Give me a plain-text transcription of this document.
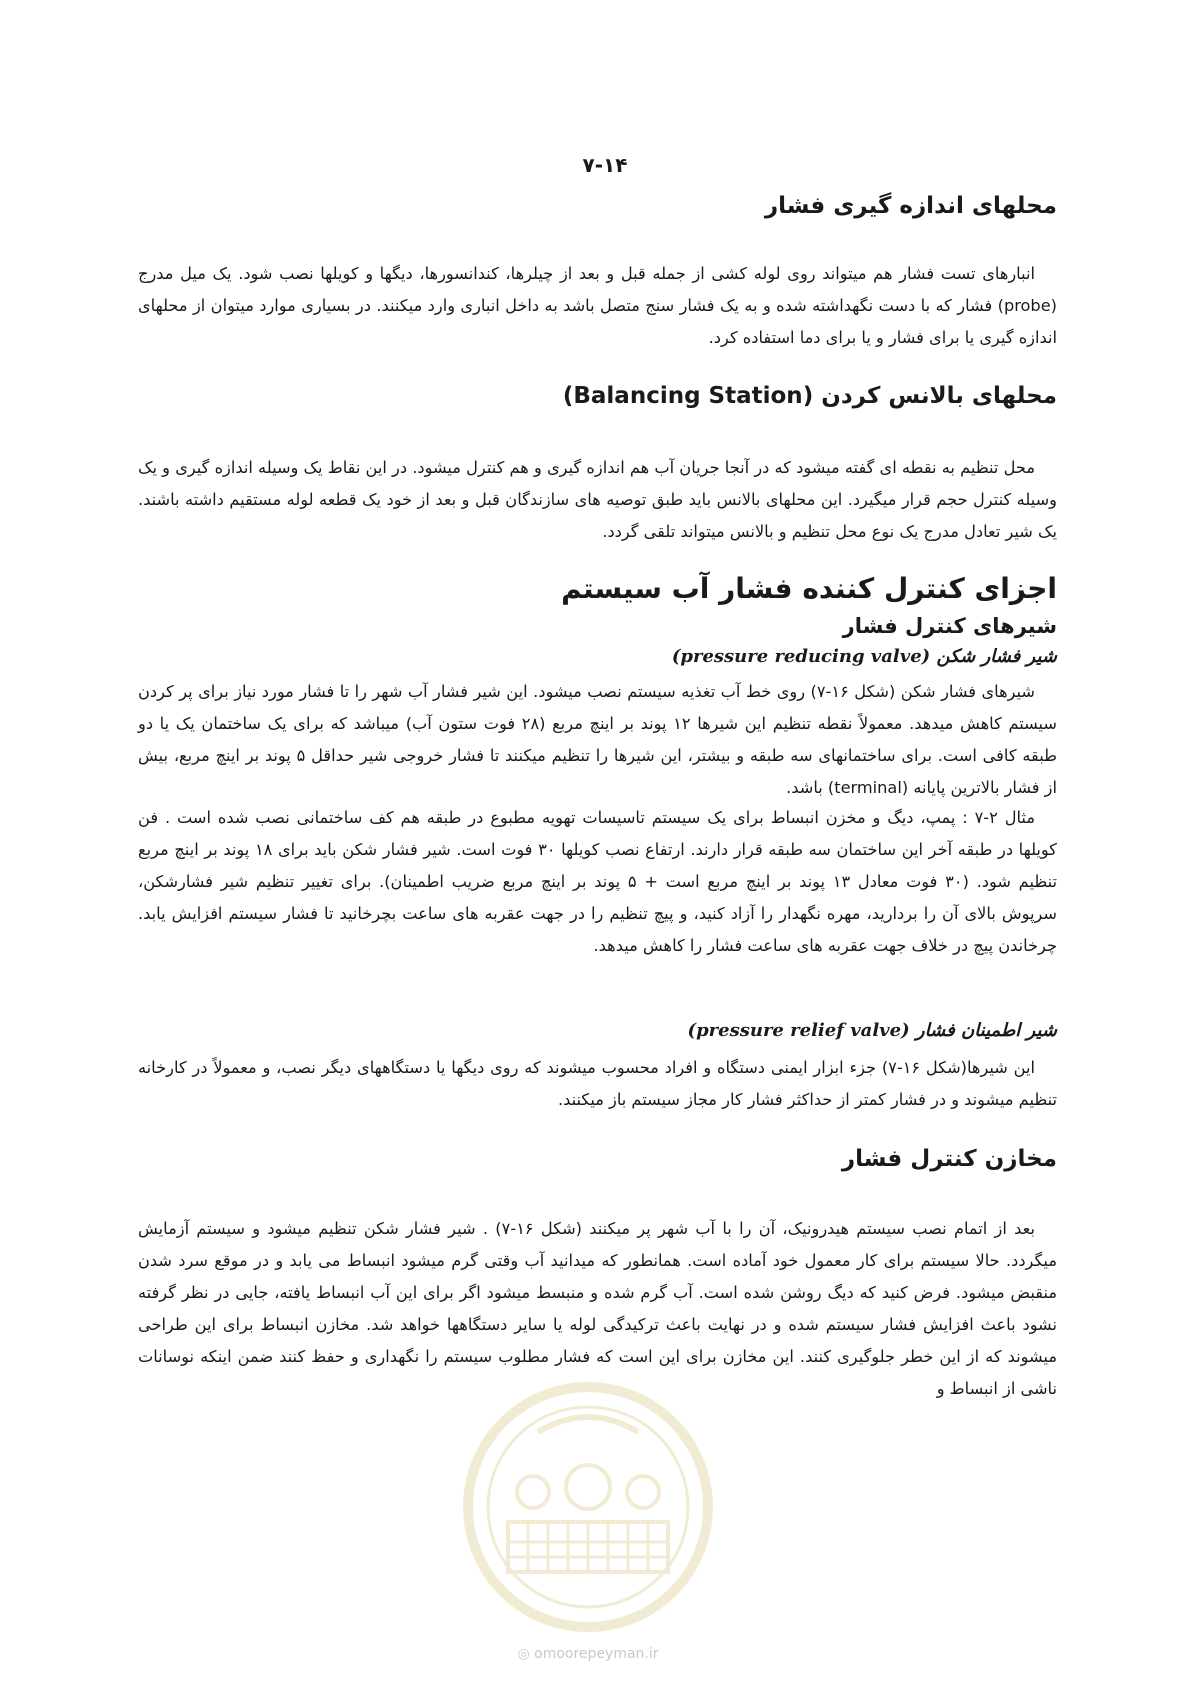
۷-۱۴
محلهای اندازه گیری فشار

انبارهای تست فشار هم میتواند روی لوله کشی از جمله قبل و بعد از چیلرها، کندانسورها، دیگها و کویلها نصب شود. یک میل مدرج (probe) فشار که با دست نگهداشته شده و به یک فشار سنج متصل باشد به داخل انباری وارد میکنند. در بسیاری موارد میتوان از محلهای اندازه گیری یا برای فشار و یا برای دما استفاده کرد.

محلهای بالانس کردن (Balancing Station)

محل تنظیم به نقطه ای گفته میشود که در آنجا جریان آب هم اندازه گیری و هم کنترل میشود. در این نقاط یک وسیله اندازه گیری و یک وسیله کنترل حجم قرار میگیرد. این محلهای بالانس باید طبق توصیه های سازندگان قبل و بعد از خود یک قطعه لوله مستقیم داشته باشند. یک شیر تعادل مدرج یک نوع محل تنظیم و بالانس میتواند تلقی گردد.

اجزای کنترل کننده فشار آب سیستم
شیرهای کنترل فشار
شیر فشار شکن (pressure reducing valve)

شیرهای فشار شکن (شکل ۱۶-۷) روی خط آب تغذیه سیستم نصب میشود. این شیر فشار آب شهر را تا فشار مورد نیاز برای پر کردن سیستم کاهش میدهد. معمولاً نقطه تنظیم این شیرها ۱۲ پوند بر اینچ مربع (۲۸ فوت ستون آب) میباشد که برای یک ساختمان یک یا دو طبقه کافی است. برای ساختمانهای سه طبقه و بیشتر، این شیرها را تنظیم میکنند تا فشار خروجی شیر حداقل ۵ پوند بر اینچ مربع، بیش از فشار بالاترین پایانه (terminal) باشد.

مثال ۲-۷ : پمپ، دیگ و مخزن انبساط برای یک سیستم تاسیسات تهویه مطبوع در طبقه هم کف ساختمانی نصب شده است . فن کویلها در طبقه آخر این ساختمان سه طبقه قرار دارند. ارتفاع نصب کویلها ۳۰ فوت است. شیر فشار شکن باید برای ۱۸ پوند بر اینچ مربع تنظیم شود. (۳۰ فوت معادل ۱۳ پوند بر اینچ مربع است + ۵ پوند بر اینچ مربع ضریب اطمینان). برای تغییر تنظیم شیر فشارشکن، سرپوش بالای آن را بردارید، مهره نگهدار را آزاد کنید، و پیچ تنظیم را در جهت عقربه های ساعت بچرخانید تا فشار سیستم افزایش یابد. چرخاندن پیچ در خلاف جهت عقربه های ساعت فشار را کاهش میدهد.

شیر اطمینان فشار (pressure relief valve)

این شیرها(شکل ۱۶-۷) جزء ابزار ایمنی دستگاه و افراد محسوب میشوند که روی دیگها یا دستگاههای دیگر نصب، و معمولاً در کارخانه تنظیم میشوند و در فشار کمتر از حداکثر فشار کار مجاز سیستم باز میکنند.

مخازن کنترل فشار

بعد از اتمام نصب سیستم هیدرونیک، آن را با آب شهر پر میکنند (شکل ۱۶-۷) . شیر فشار شکن تنظیم میشود و سیستم آزمایش میگردد. حالا سیستم برای کار معمول خود آماده است. همانطور که میدانید آب وقتی گرم میشود انبساط می یابد و در موقع سرد شدن منقبض میشود. فرض کنید که دیگ روشن شده است. آب گرم شده و منبسط میشود اگر برای این آب انبساط یافته، جایی در نظر گرفته نشود باعث افزایش فشار سیستم شده و در نهایت باعث ترکیدگی لوله یا سایر دستگاهها خواهد شد. مخازن انبساط برای این طراحی میشوند که از این خطر جلوگیری کنند. این مخازن برای این است که فشار مطلوب سیستم را نگهداری و حفظ کنند ضمن اینکه نوسانات ناشی از انبساط و

◎ omoorepeyman.ir
